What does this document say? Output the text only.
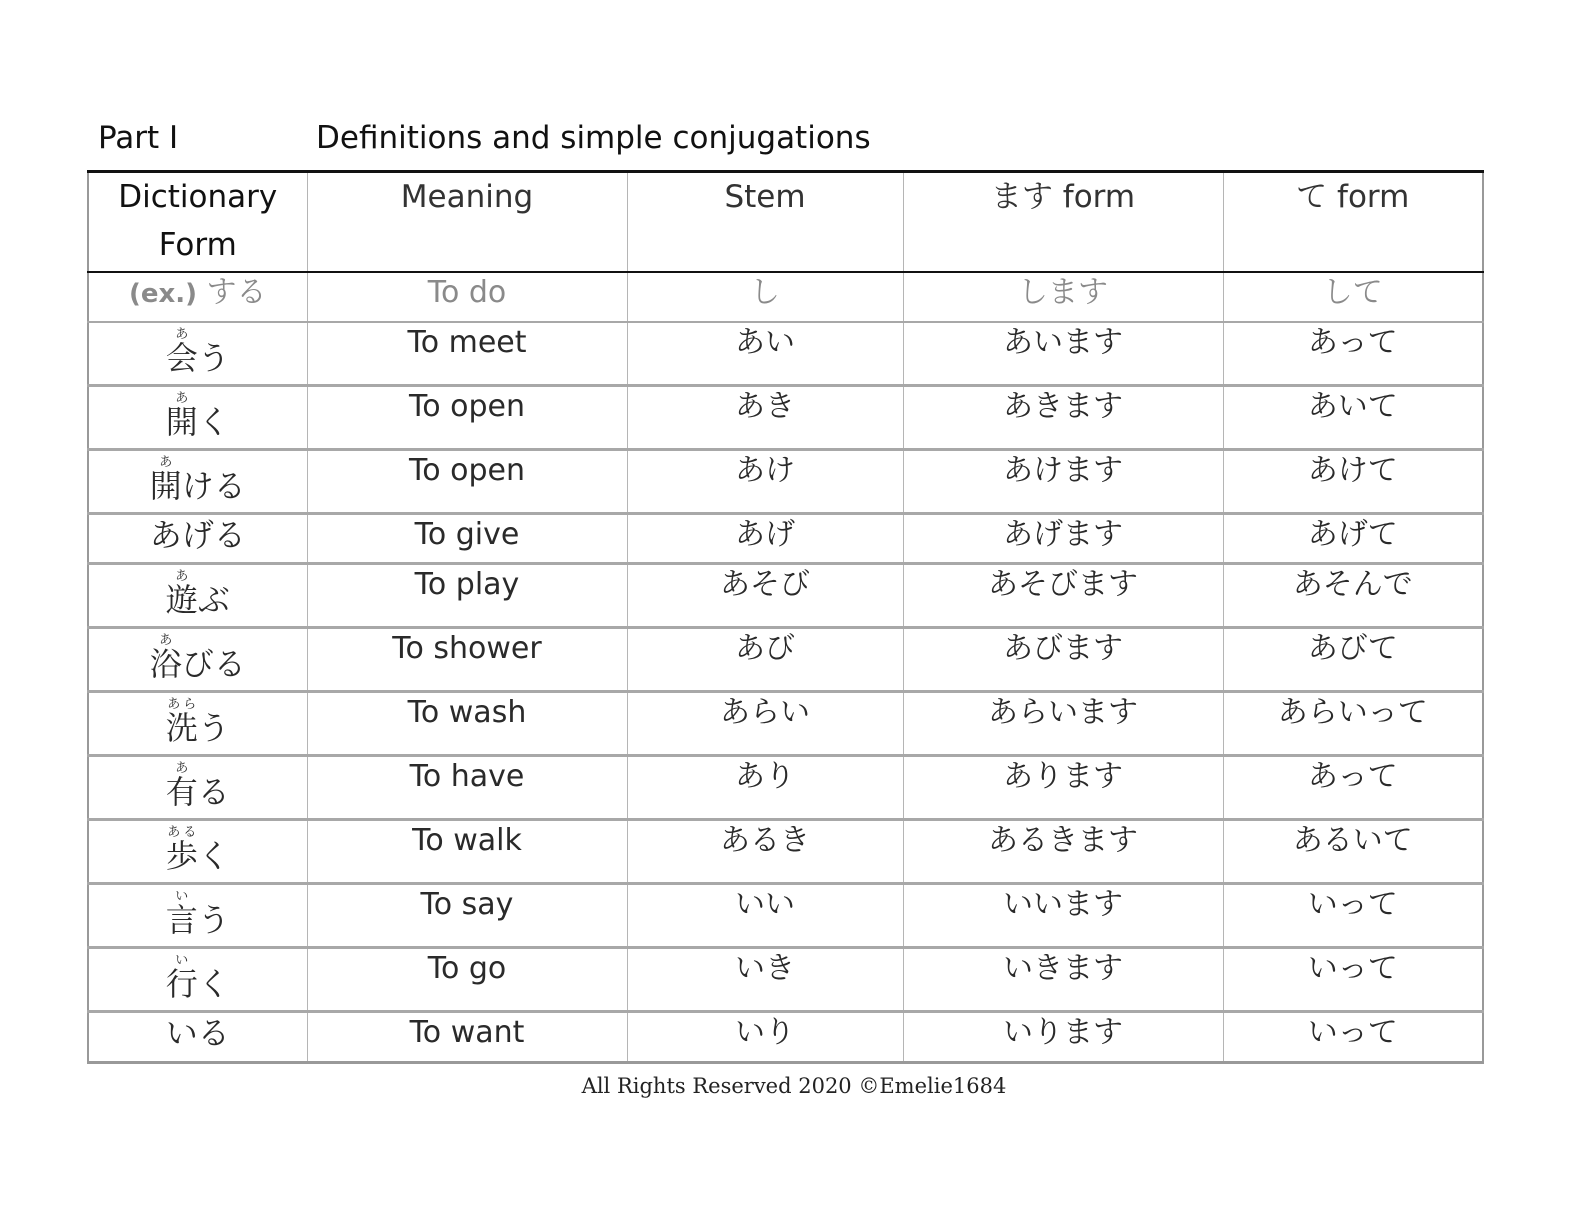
Part I	Definitions and simple conjugations
Dictionary Form	Meaning	Stem	ます form	て form
(ex.) する	To do	し	します	して
会あう	To meet	あい	あいます	あって
開あく	To open	あき	あきます	あいて
開あける	To open	あけ	あけます	あけて
あげる	To give	あげ	あげます	あげて
遊あぶ	To play	あそび	あそびます	あそんで
浴あびる	To shower	あび	あびます	あびて
洗あらう	To wash	あらい	あらいます	あらいって
有ある	To have	あり	あります	あって
歩あるく	To walk	あるき	あるきます	あるいて
言いう	To say	いい	いいます	いって
行いく	To go	いき	いきます	いって
いる	To want	いり	いります	いって
All Rights Reserved 2020 ©Emelie1684
